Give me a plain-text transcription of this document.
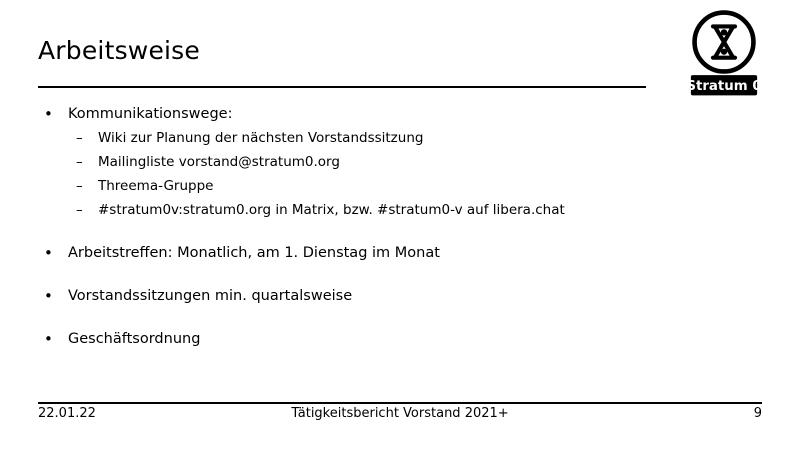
Arbeitsweise
Stratum 0
• Kommunikationswege:
– Wiki zur Planung der nächsten Vorstandssitzung
– Mailingliste vorstand@stratum0.org
– Threema-Gruppe
– #stratum0v:stratum0.org in Matrix, bzw. #stratum0-v auf libera.chat
• Arbeitstreffen: Monatlich, am 1. Dienstag im Monat
• Vorstandssitzungen min. quartalsweise
• Geschäftsordnung
22.01.22	Tätigkeitsbericht Vorstand 2021+	9
